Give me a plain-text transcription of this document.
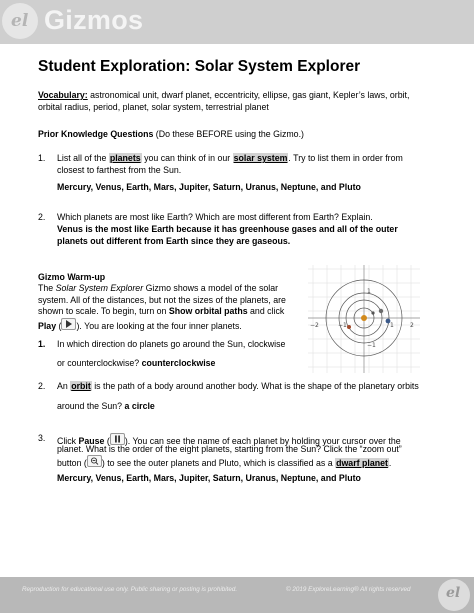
el Gizmos
Student Exploration: Solar System Explorer
Vocabulary: astronomical unit, dwarf planet, eccentricity, ellipse, gas giant, Kepler’s laws, orbit,
orbital radius, period, planet, solar system, terrestrial planet
Prior Knowledge Questions (Do these BEFORE using the Gizmo.)
1. List all of the planets you can think of in our solar system. Try to list them in order from
closest to farthest from the Sun.
Mercury, Venus, Earth, Mars, Jupiter, Saturn, Uranus, Neptune, and Pluto
2. Which planets are most like Earth? Which are most different from Earth? Explain.
Venus is the most like Earth because it has greenhouse gases and all of the outer
planets out different from Earth since they are gaseous.
Gizmo Warm-up
The Solar System Explorer Gizmo shows a model of the solar
system. All of the distances, but not the sizes of the planets, are
shown to scale. To begin, turn on Show orbital paths and click
Play ( ). You are looking at the four inner planets.	−2	−1	1	2
1
−1
1. In which direction do planets go around the Sun, clockwise
or counterclockwise? counterclockwise
2. An orbit is the path of a body around another body. What is the shape of the planetary orbits
around the Sun? a circle
3. Click Pause ( ). You can see the name of each planet by holding your cursor over the
planet. What is the order of the eight planets, starting from the Sun? Click the “zoom out”
button ( ) to see the outer planets and Pluto, which is classified as a dwarf planet.
Mercury, Venus, Earth, Mars, Jupiter, Saturn, Uranus, Neptune, and Pluto
Reproduction for educational use only. Public sharing or posting is prohibited.	© 2019 ExploreLearning® All rights reserved	el
